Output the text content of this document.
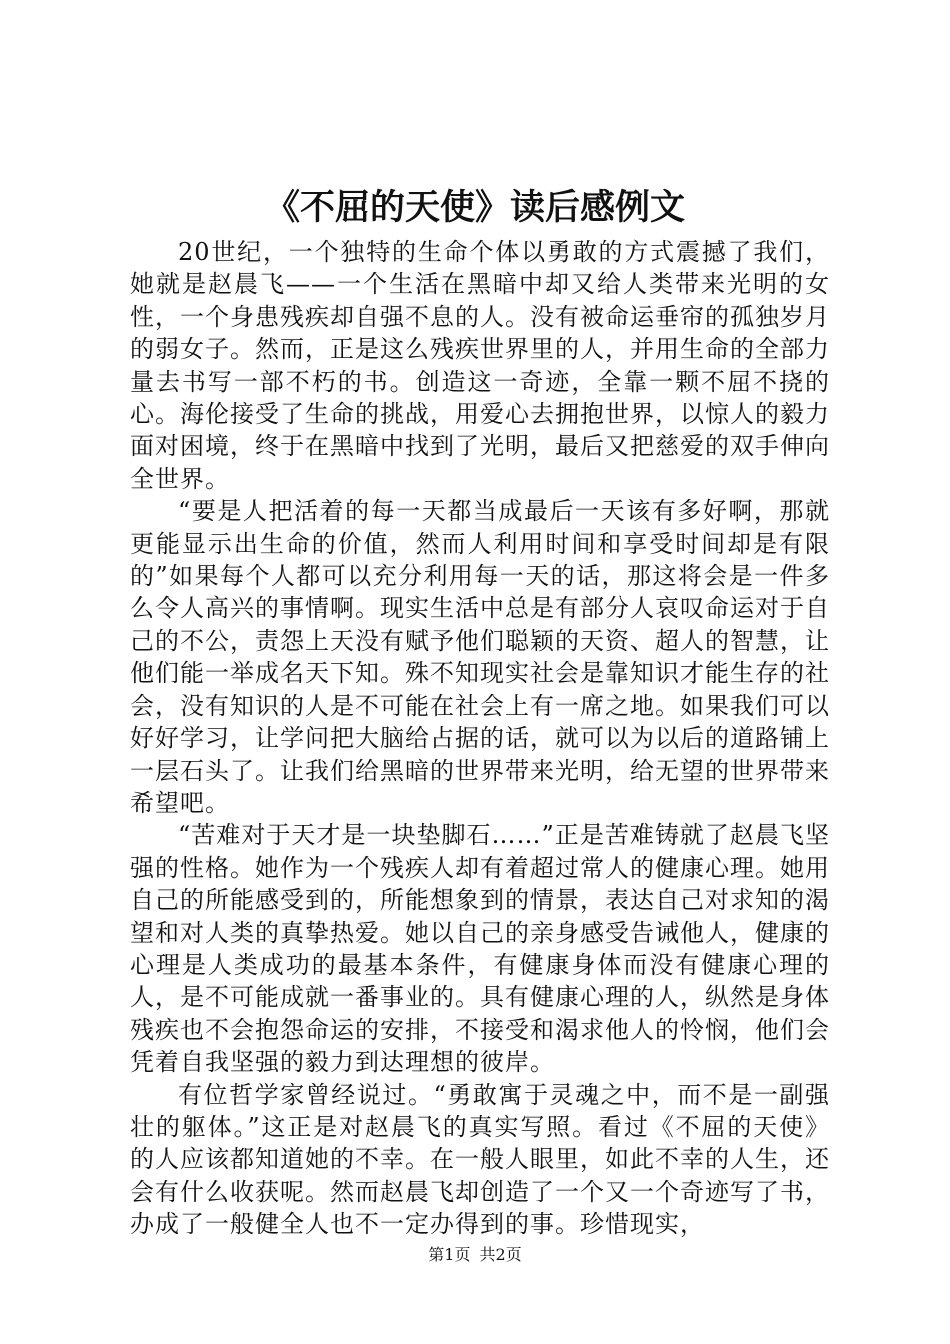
《不屈的天使》读后感例文

20世纪，一个独特的生命个体以勇敢的方式震撼了我们，她就是赵晨飞——一个生活在黑暗中却又给人类带来光明的女性，一个身患残疾却自强不息的人。没有被命运垂帘的孤独岁月的弱女子。然而，正是这么残疾世界里的人，并用生命的全部力量去书写一部不朽的书。创造这一奇迹，全靠一颗不屈不挠的心。海伦接受了生命的挑战，用爱心去拥抱世界，以惊人的毅力面对困境，终于在黑暗中找到了光明，最后又把慈爱的双手伸向全世界。

“要是人把活着的每一天都当成最后一天该有多好啊，那就更能显示出生命的价值，然而人利用时间和享受时间却是有限的”如果每个人都可以充分利用每一天的话，那这将会是一件多么令人高兴的事情啊。现实生活中总是有部分人哀叹命运对于自己的不公，责怨上天没有赋予他们聪颖的天资、超人的智慧，让他们能一举成名天下知。殊不知现实社会是靠知识才能生存的社会，没有知识的人是不可能在社会上有一席之地。如果我们可以好好学习，让学问把大脑给占据的话，就可以为以后的道路铺上一层石头了。让我们给黑暗的世界带来光明，给无望的世界带来希望吧。

“苦难对于天才是一块垫脚石……”正是苦难铸就了赵晨飞坚强的性格。她作为一个残疾人却有着超过常人的健康心理。她用自己的所能感受到的，所能想象到的情景，表达自己对求知的渴望和对人类的真挚热爱。她以自己的亲身感受告诫他人，健康的心理是人类成功的最基本条件，有健康身体而没有健康心理的人，是不可能成就一番事业的。具有健康心理的人，纵然是身体残疾也不会抱怨命运的安排，不接受和渴求他人的怜悯，他们会凭着自我坚强的毅力到达理想的彼岸。

有位哲学家曾经说过。“勇敢寓于灵魂之中，而不是一副强壮的躯体。”这正是对赵晨飞的真实写照。看过《不屈的天使》的人应该都知道她的不幸。在一般人眼里，如此不幸的人生，还会有什么收获呢。然而赵晨飞却创造了一个又一个奇迹写了书，办成了一般健全人也不一定办得到的事。珍惜现实，

第1页 共2页
